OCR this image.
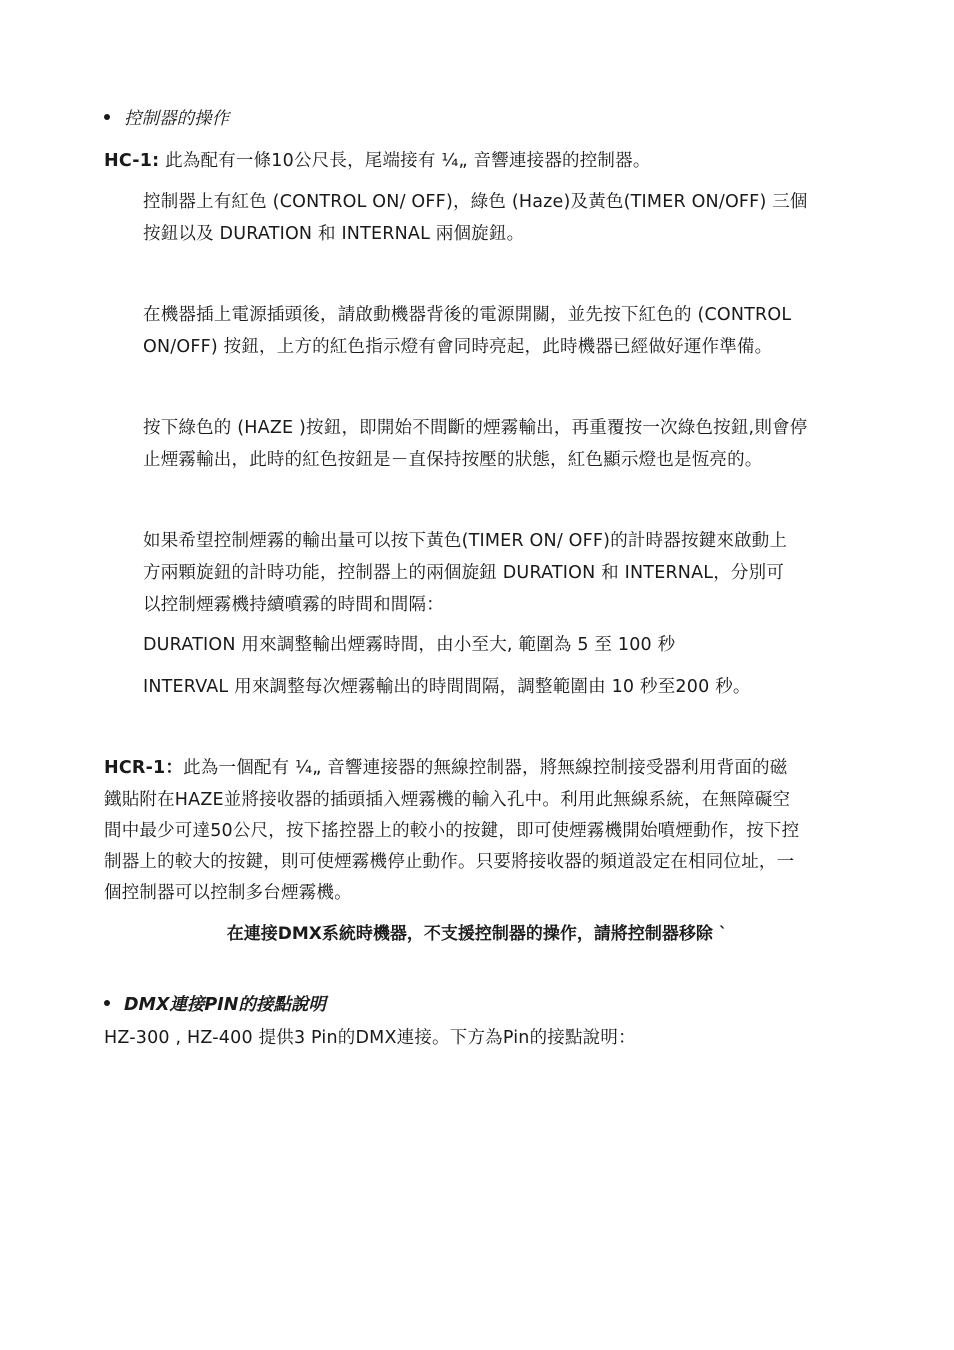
控制器的操作
HC-1: 此為配有一條10公尺長，尾端接有 ¼„ 音響連接器的控制器。
控制器上有紅色 (CONTROL ON/ OFF)，綠色 (Haze)及黃色(TIMER ON/OFF) 三個
按鈕以及 DURATION 和 INTERNAL 兩個旋鈕。
在機器插上電源插頭後，請啟動機器背後的電源開關，並先按下紅色的 (CONTROL
ON/OFF) 按鈕，上方的紅色指示燈有會同時亮起，此時機器已經做好運作準備。
按下綠色的 (HAZE )按鈕，即開始不間斷的煙霧輸出，再重覆按一次綠色按鈕,則會停
止煙霧輸出，此時的紅色按鈕是－直保持按壓的狀態，紅色顯示燈也是恆亮的。
如果希望控制煙霧的輸出量可以按下黃色(TIMER ON/ OFF)的計時器按鍵來啟動上
方兩顆旋鈕的計時功能，控制器上的兩個旋鈕 DURATION 和 INTERNAL，分別可
以控制煙霧機持續噴霧的時間和間隔：
DURATION 用來調整輸出煙霧時間，由小至大, 範圍為 5 至 100 秒
INTERVAL 用來調整每次煙霧輸出的時間間隔，調整範圍由 10 秒至200 秒。
HCR-1：此為一個配有 ¼„ 音響連接器的無線控制器，將無線控制接受器利用背面的磁
鐵貼附在HAZE並將接收器的插頭插入煙霧機的輸入孔中。利用此無線系統，在無障礙空
間中最少可達50公尺，按下搖控器上的較小的按鍵，即可使煙霧機開始噴煙動作，按下控
制器上的較大的按鍵，則可使煙霧機停止動作。只要將接收器的頻道設定在相同位址，一
個控制器可以控制多台煙霧機。
在連接DMX系統時機器，不支援控制器的操作，請將控制器移除 `
DMX連接PIN的接點說明
HZ-300 , HZ-400 提供3 Pin的DMX連接。下方為Pin的接點說明：
